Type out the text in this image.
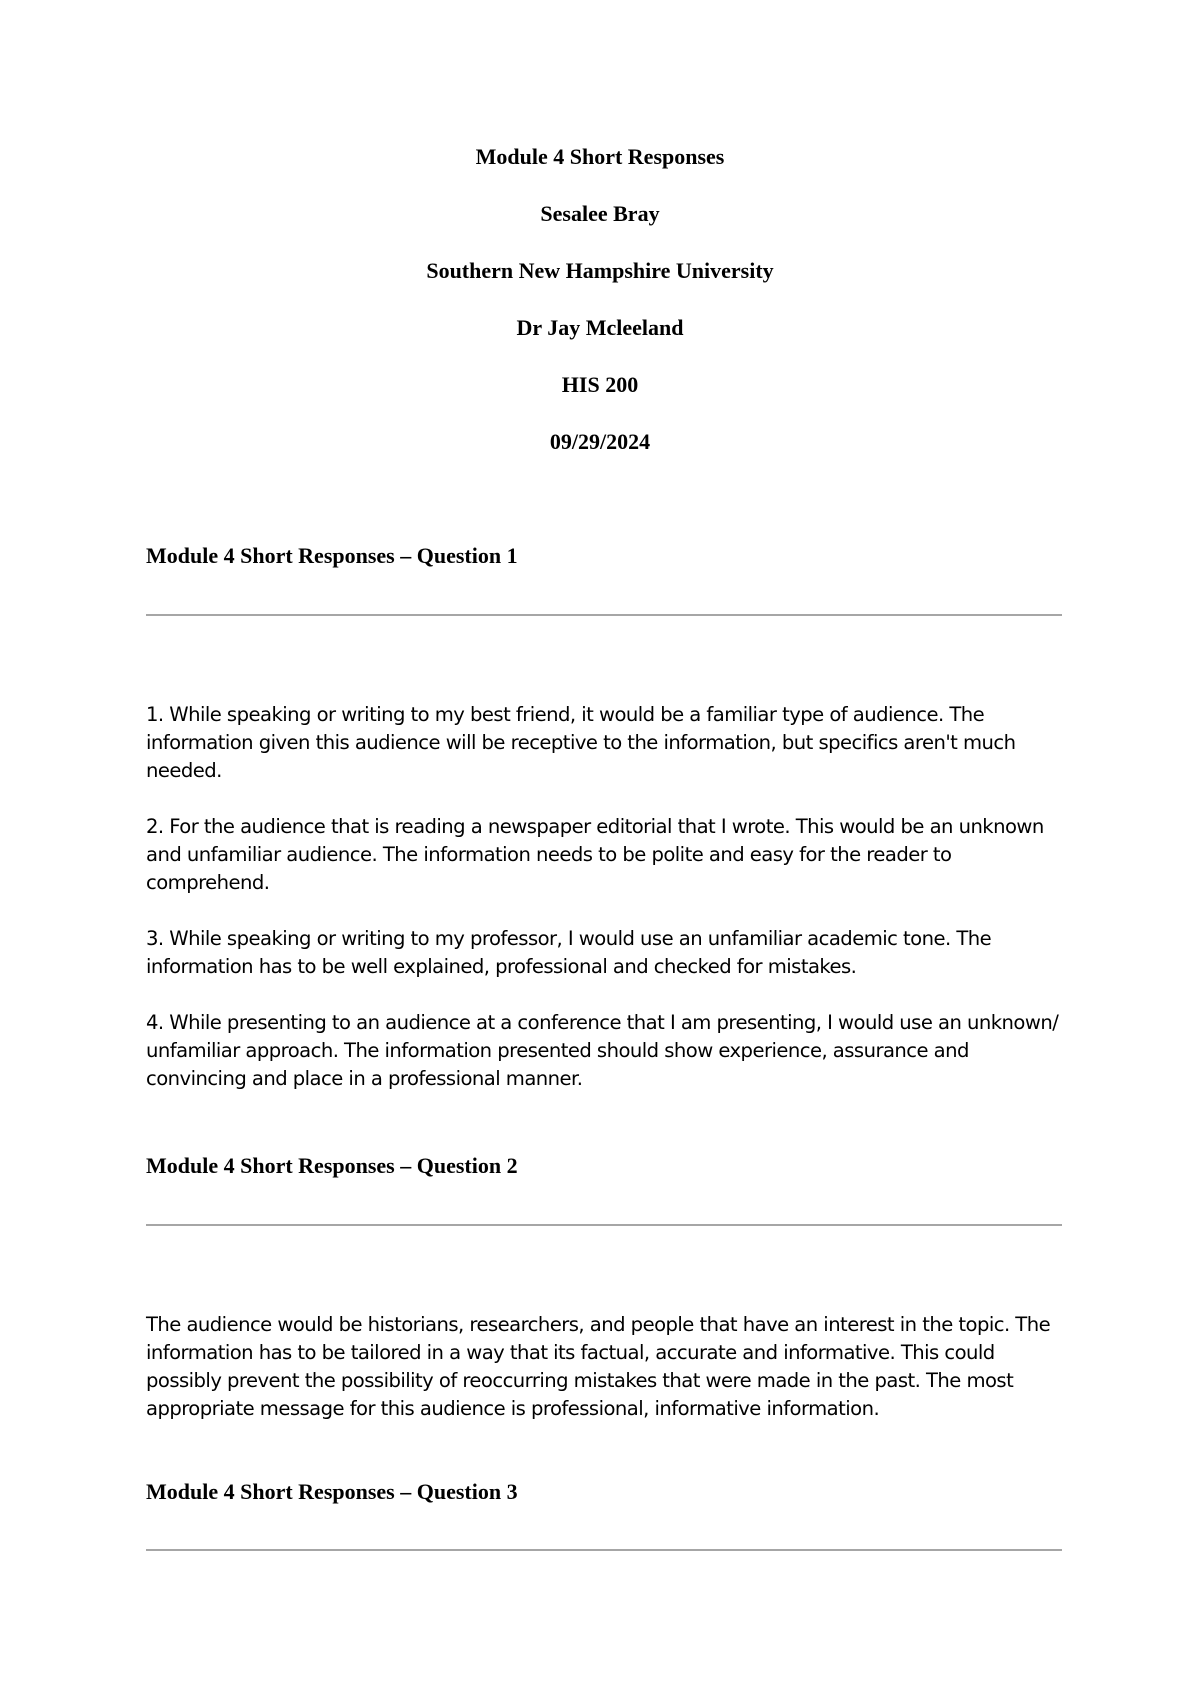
Module 4 Short Responses
Sesalee Bray
Southern New Hampshire University
Dr Jay Mcleeland
HIS 200
09/29/2024
Module 4 Short Responses – Question 1

1. While speaking or writing to my best friend, it would be a familiar type of audience. The information given this audience will be receptive to the information, but specifics aren't much needed.

2. For the audience that is reading a newspaper editorial that I wrote. This would be an unknown and unfamiliar audience. The information needs to be polite and easy for the reader to comprehend.

3. While speaking or writing to my professor, I would use an unfamiliar academic tone. The information has to be well explained, professional and checked for mistakes.

4. While presenting to an audience at a conference that I am presenting, I would use an unknown/ unfamiliar approach. The information presented should show experience, assurance and convincing and place in a professional manner.

Module 4 Short Responses – Question 2

The audience would be historians, researchers, and people that have an interest in the topic. The information has to be tailored in a way that its factual, accurate and informative. This could possibly prevent the possibility of reoccurring mistakes that were made in the past. The most appropriate message for this audience is professional, informative information.

Module 4 Short Responses – Question 3
